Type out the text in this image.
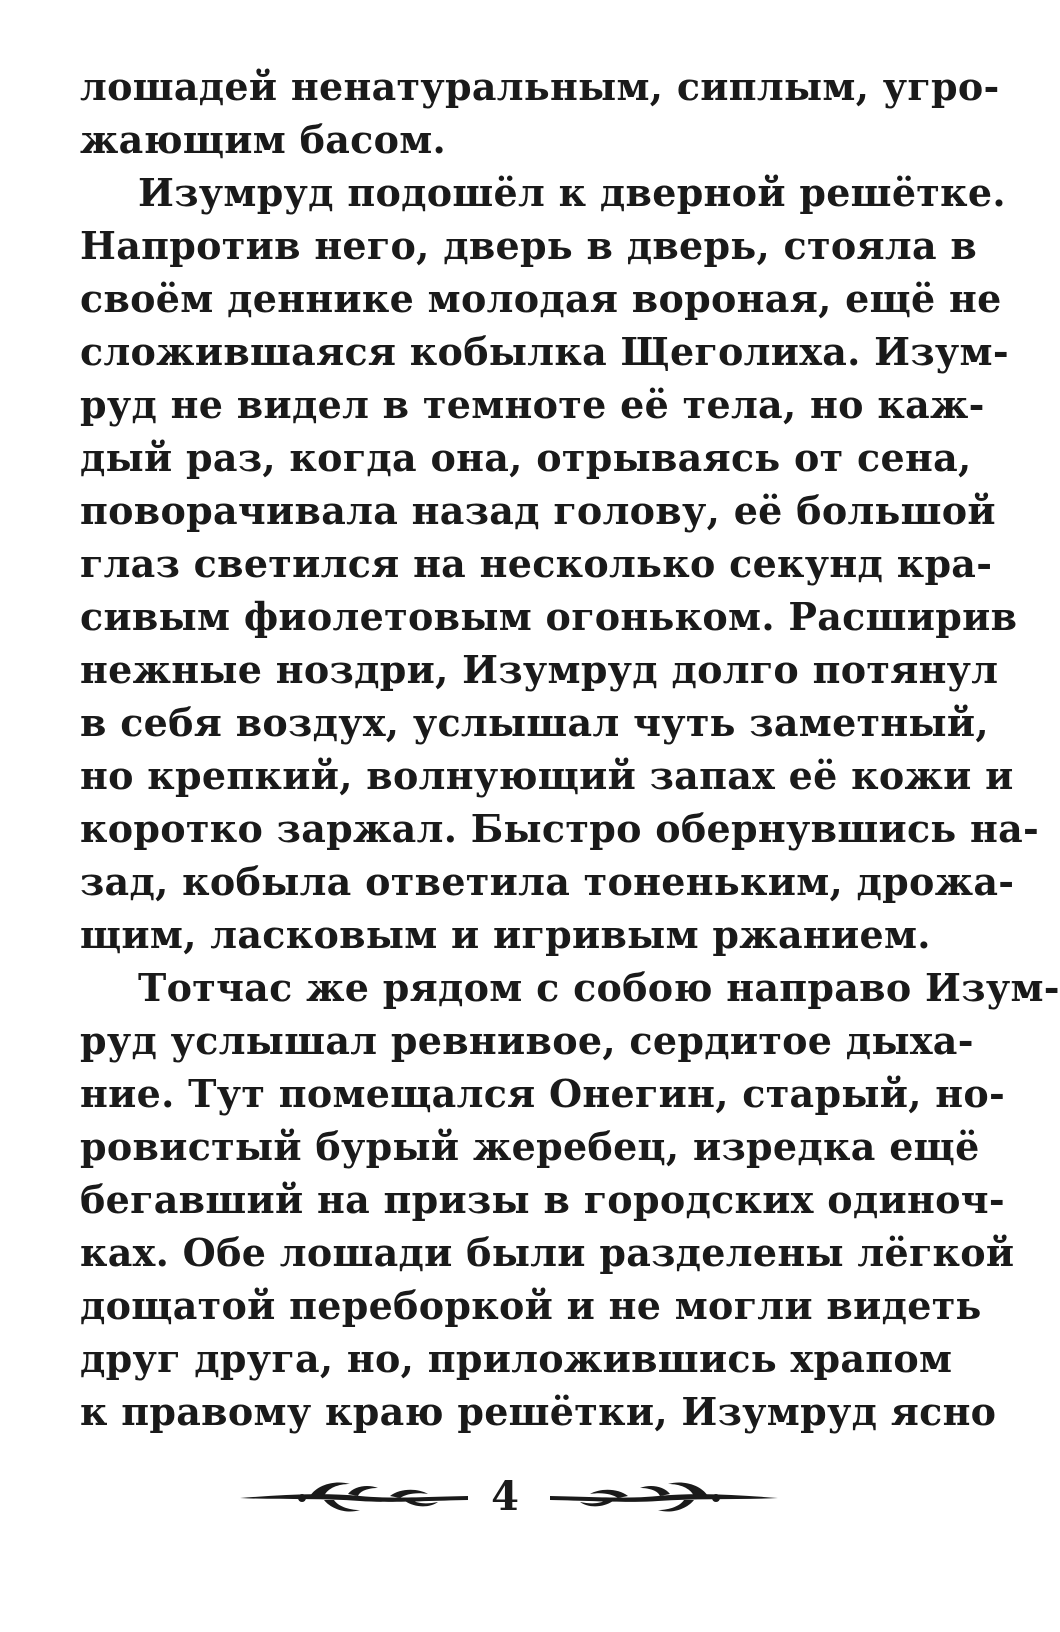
лошадей ненатуральным, сиплым, угро-
жающим басом.
Изумруд подошёл к дверной решётке.
Напротив него, дверь в дверь, стояла в
своём деннике молодая вороная, ещё не
сложившаяся кобылка Щеголиха. Изум-
руд не видел в темноте её тела, но каж-
дый раз, когда она, отрываясь от сена,
поворачивала назад голову, её большой
глаз светился на несколько секунд кра-
сивым фиолетовым огоньком. Расширив
нежные ноздри, Изумруд долго потянул
в себя воздух, услышал чуть заметный,
но крепкий, волнующий запах её кожи и
коротко заржал. Быстро обернувшись на-
зад, кобыла ответила тоненьким, дрожа-
щим, ласковым и игривым ржанием.
Тотчас же рядом с собою направо Изум-
руд услышал ревнивое, сердитое дыха-
ние. Тут помещался Онегин, старый, но-
ровистый бурый жеребец, изредка ещё
бегавший на призы в городских одиноч-
ках. Обе лошади были разделены лёгкой
дощатой переборкой и не могли видеть
друг друга, но, приложившись храпом
к правому краю решётки, Изумруд ясно
4
